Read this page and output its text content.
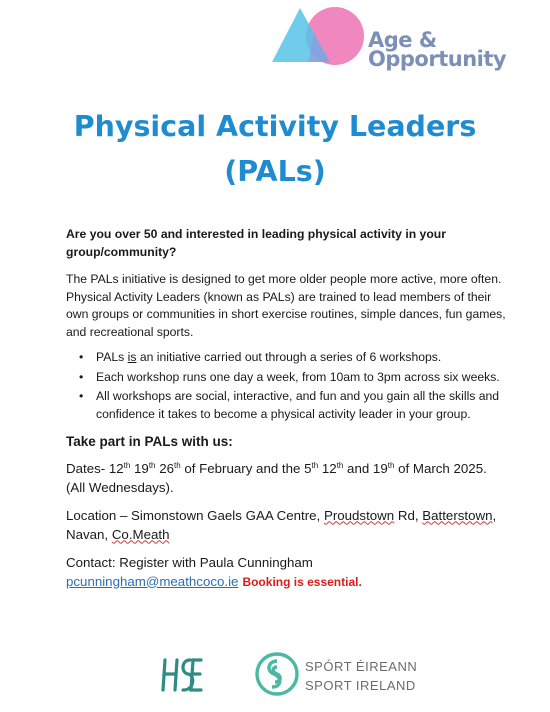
Age &
Opportunity
Physical Activity Leaders
(PALs)

Are you over 50 and interested in leading physical activity in your group/community?

The PALs initiative is designed to get more older people more active, more often. Physical Activity Leaders (known as PALs) are trained to lead members of their own groups or communities in short exercise routines, simple dances, fun games, and recreational sports.

• PALs is an initiative carried out through a series of 6 workshops.
• Each workshop runs one day a week, from 10am to 3pm across six weeks.
• All workshops are social, interactive, and fun and you gain all the skills and confidence it takes to become a physical activity leader in your group.

Take part in PALs with us:

Dates- 12th 19th 26th of February and the 5th 12th and 19th of March 2025. (All Wednesdays).

Location – Simonstown Gaels GAA Centre, Proudstown Rd, Batterstown, Navan, Co.Meath

Contact: Register with Paula Cunningham

pcunningham@meathcoco.ie Booking is essential.

SPÓRT ÉIREANN
SPORT IRELAND
